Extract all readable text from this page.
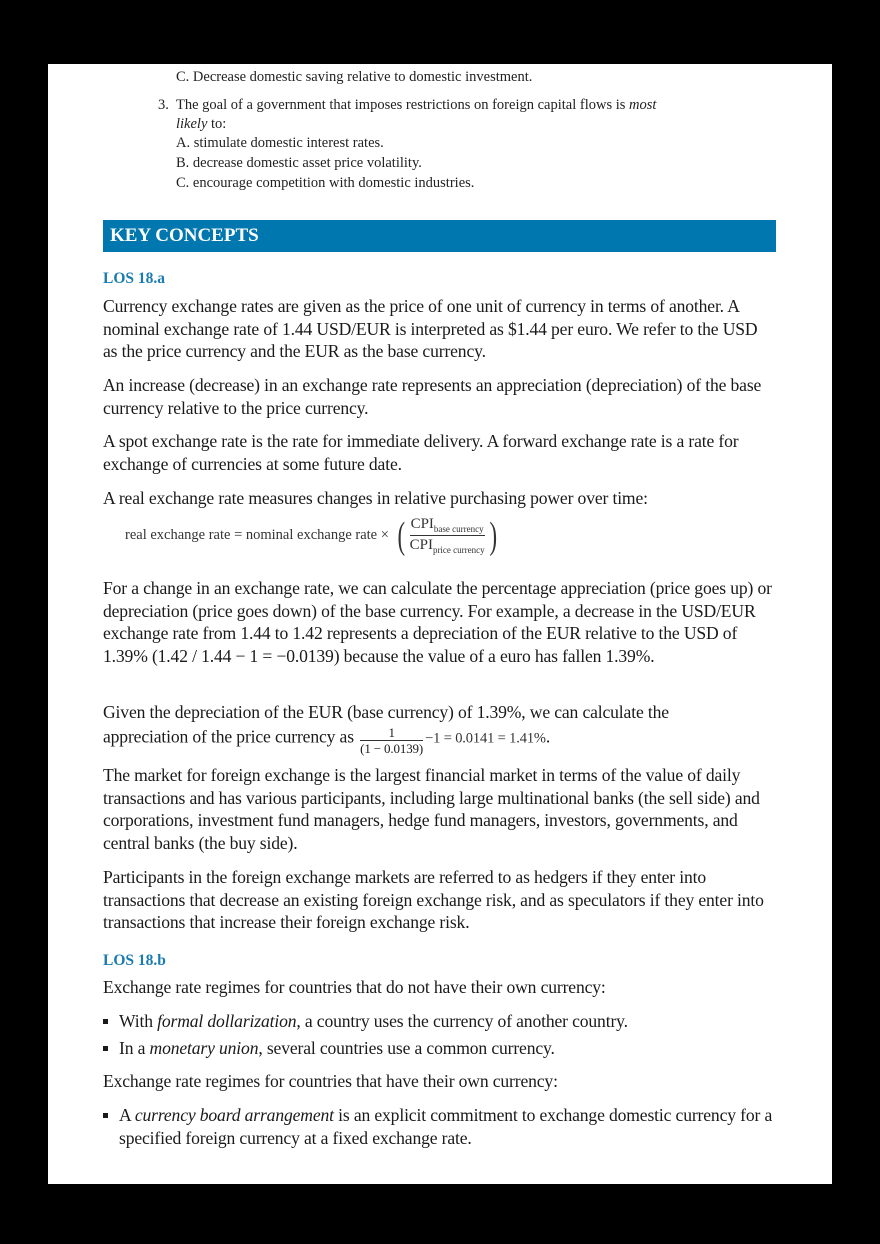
C. Decrease domestic saving relative to domestic investment.
3. The goal of a government that imposes restrictions on foreign capital flows is most
likely to:
A. stimulate domestic interest rates.
B. decrease domestic asset price volatility.
C. encourage competition with domestic industries.
KEY CONCEPTS
LOS 18.a
Currency exchange rates are given as the price of one unit of currency in terms of another. A nominal exchange rate of 1.44 USD/EUR is interpreted as $1.44 per euro. We refer to the USD as the price currency and the EUR as the base currency.
An increase (decrease) in an exchange rate represents an appreciation (depreciation) of the base currency relative to the price currency.
A spot exchange rate is the rate for immediate delivery. A forward exchange rate is a rate for exchange of currencies at some future date.
A real exchange rate measures changes in relative purchasing power over time:
real exchange rate = nominal exchange rate × ( $\frac{CPI_{base currency}}{CPI_{price currency}}$ )
For a change in an exchange rate, we can calculate the percentage appreciation (price goes up) or depreciation (price goes down) of the base currency. For example, a decrease in the USD/EUR exchange rate from 1.44 to 1.42 represents a depreciation of the EUR relative to the USD of 1.39% (1.42 / 1.44 − 1 = −0.0139) because the value of a euro has fallen 1.39%.
Given the depreciation of the EUR (base currency) of 1.39%, we can calculate the
appreciation of the price currency as $\frac{1}{(1 - 0.0139)} -1 = 0.0141 = 1.41\%$.
The market for foreign exchange is the largest financial market in terms of the value of daily transactions and has various participants, including large multinational banks (the sell side) and corporations, investment fund managers, hedge fund managers, investors, governments, and central banks (the buy side).
Participants in the foreign exchange markets are referred to as hedgers if they enter into transactions that decrease an existing foreign exchange risk, and as speculators if they enter into transactions that increase their foreign exchange risk.
LOS 18.b
Exchange rate regimes for countries that do not have their own currency:
With formal dollarization, a country uses the currency of another country.
In a monetary union, several countries use a common currency.
Exchange rate regimes for countries that have their own currency:
A currency board arrangement is an explicit commitment to exchange domestic currency for a specified foreign currency at a fixed exchange rate.
